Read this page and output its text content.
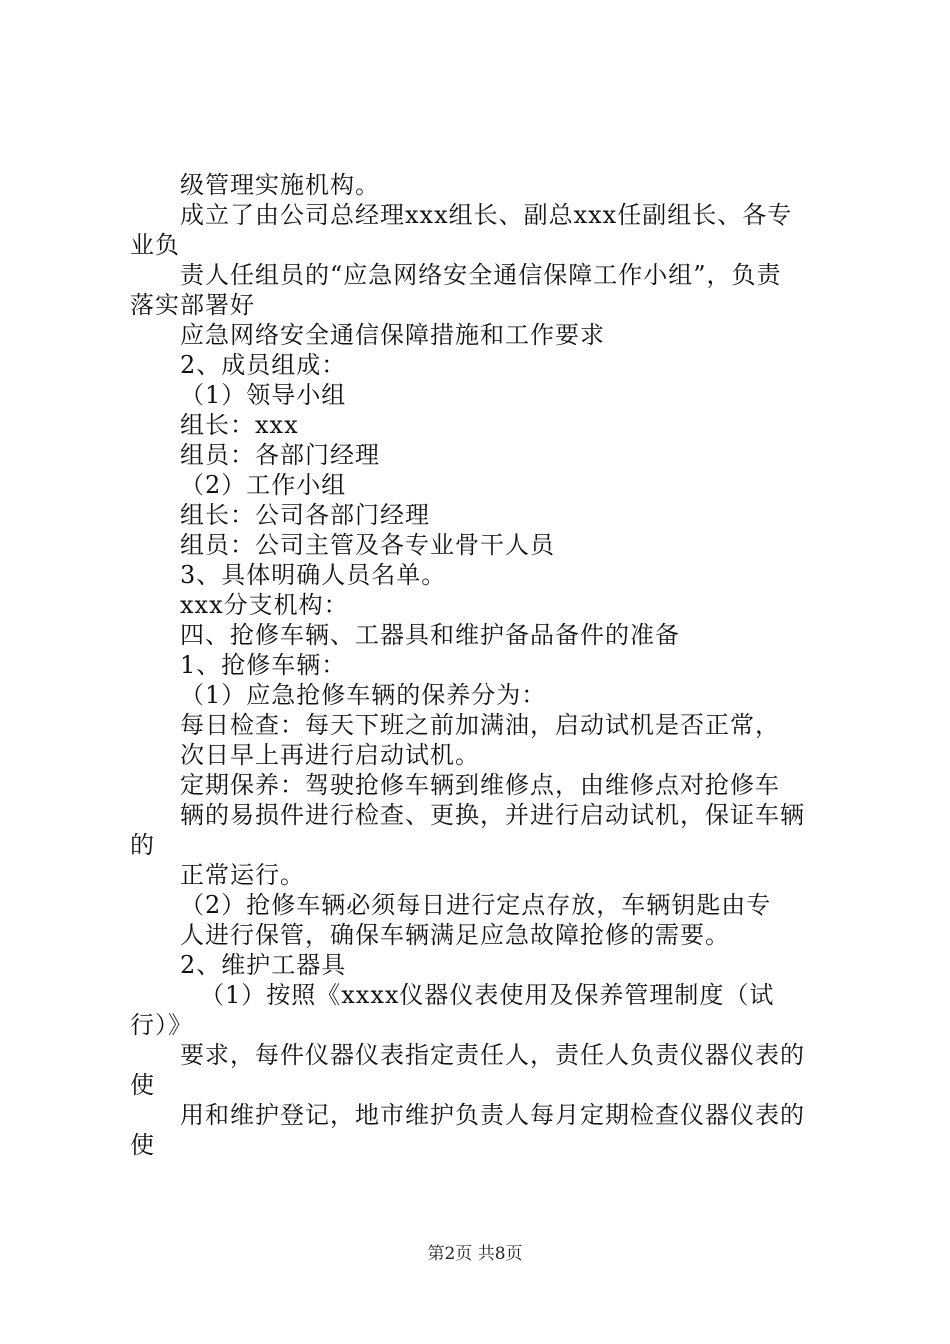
级管理实施机构。
成立了由公司总经理xxx组长、副总xxx任副组长、各专
业负
责人任组员的“应急网络安全通信保障工作小组”，负责
落实部署好
应急网络安全通信保障措施和工作要求
2、成员组成：
（1）领导小组
组长：xxx
组员：各部门经理
（2）工作小组
组长：公司各部门经理
组员：公司主管及各专业骨干人员
3、具体明确人员名单。
xxx分支机构：
四、抢修车辆、工器具和维护备品备件的准备
1、抢修车辆：
（1）应急抢修车辆的保养分为：
每日检查：每天下班之前加满油，启动试机是否正常，
次日早上再进行启动试机。
定期保养：驾驶抢修车辆到维修点，由维修点对抢修车
辆的易损件进行检查、更换，并进行启动试机，保证车辆
的
正常运行。
（2）抢修车辆必须每日进行定点存放，车辆钥匙由专
人进行保管，确保车辆满足应急故障抢修的需要。
2、维护工器具
（1）按照《xxxx仪器仪表使用及保养管理制度（试
行）》
要求，每件仪器仪表指定责任人，责任人负责仪器仪表的
使
用和维护登记，地市维护负责人每月定期检查仪器仪表的
使
第2页 共8页
